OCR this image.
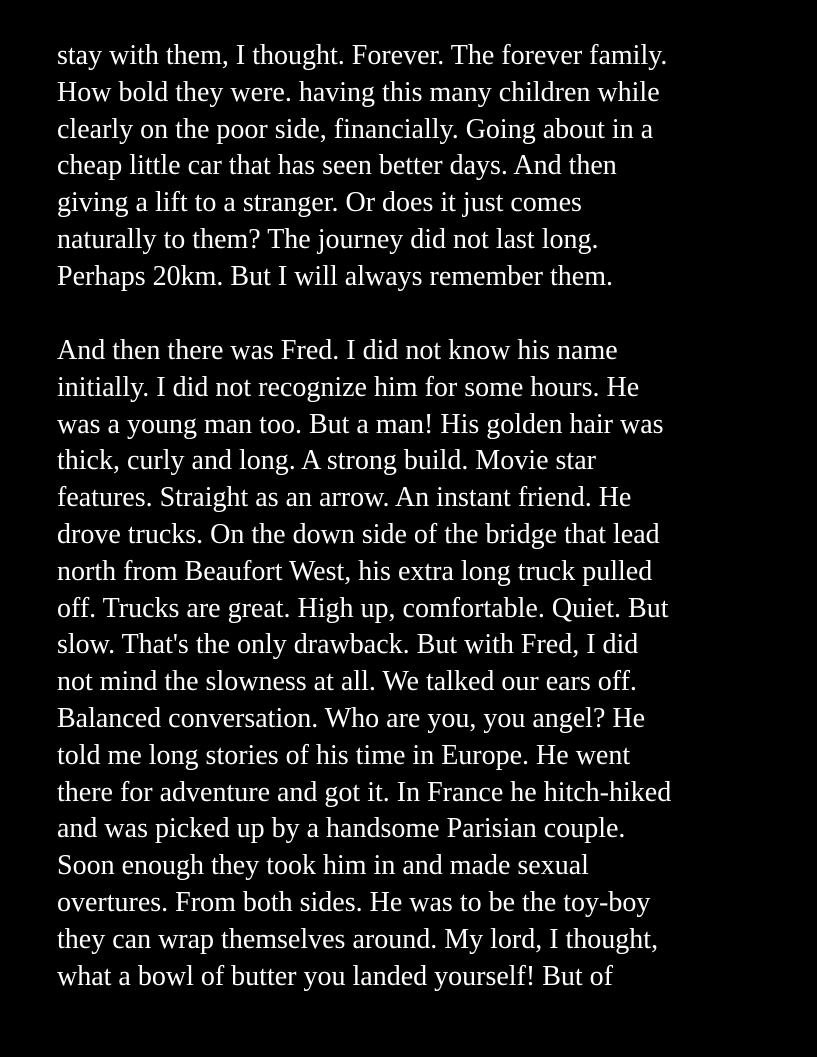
stay with them, I thought. Forever. The forever family.
How bold they were. having this many children while
clearly on the poor side, financially. Going about in a
cheap little car that has seen better days. And then
giving a lift to a stranger. Or does it just comes
naturally to them? The journey did not last long.
Perhaps 20km. But I will always remember them.

And then there was Fred. I did not know his name
initially. I did not recognize him for some hours. He
was a young man too. But a man! His golden hair was
thick, curly and long. A strong build. Movie star
features. Straight as an arrow. An instant friend. He
drove trucks. On the down side of the bridge that lead
north from Beaufort West, his extra long truck pulled
off. Trucks are great. High up, comfortable. Quiet. But
slow. That's the only drawback. But with Fred, I did
not mind the slowness at all. We talked our ears off.
Balanced conversation. Who are you, you angel? He
told me long stories of his time in Europe. He went
there for adventure and got it. In France he hitch-hiked
and was picked up by a handsome Parisian couple.
Soon enough they took him in and made sexual
overtures. From both sides. He was to be the toy-boy
they can wrap themselves around. My lord, I thought,
what a bowl of butter you landed yourself! But of
